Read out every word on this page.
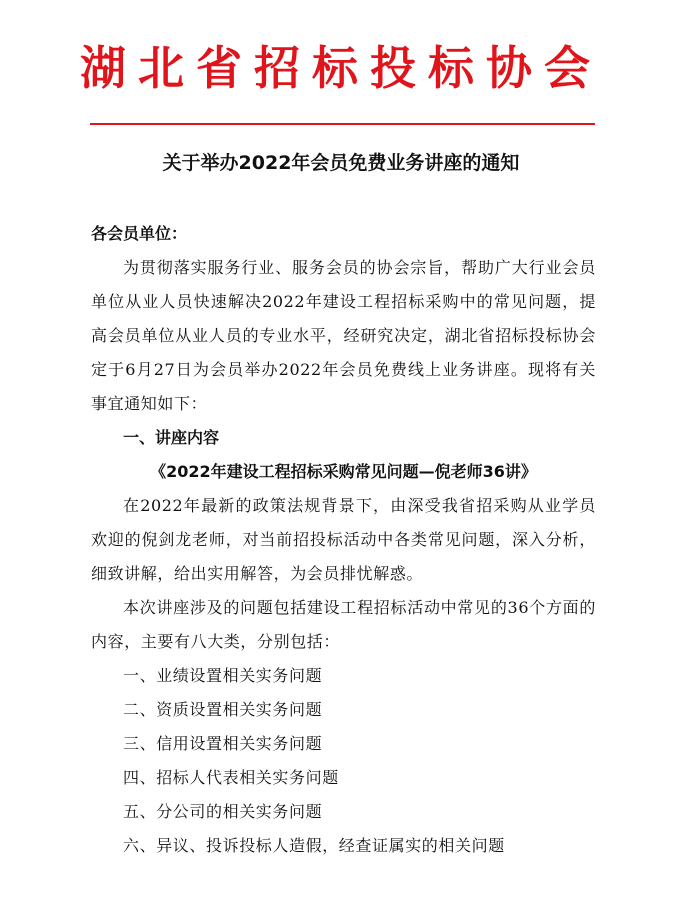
湖北省招标投标协会
关于举办2022年会员免费业务讲座的通知

各会员单位：

为贯彻落实服务行业、服务会员的协会宗旨，帮助广大行业会员单位从业人员快速解决2022年建设工程招标采购中的常见问题，提高会员单位从业人员的专业水平，经研究决定，湖北省招标投标协会定于6月27日为会员举办2022年会员免费线上业务讲座。现将有关事宜通知如下：

一、讲座内容

《2022年建设工程招标采购常见问题—倪老师36讲》

在2022年最新的政策法规背景下，由深受我省招采购从业学员欢迎的倪剑龙老师，对当前招投标活动中各类常见问题，深入分析，细致讲解，给出实用解答，为会员排忧解惑。

本次讲座涉及的问题包括建设工程招标活动中常见的36个方面的内容，主要有八大类，分别包括：

一、业绩设置相关实务问题
二、资质设置相关实务问题
三、信用设置相关实务问题
四、招标人代表相关实务问题
五、分公司的相关实务问题
六、异议、投诉投标人造假，经查证属实的相关问题
